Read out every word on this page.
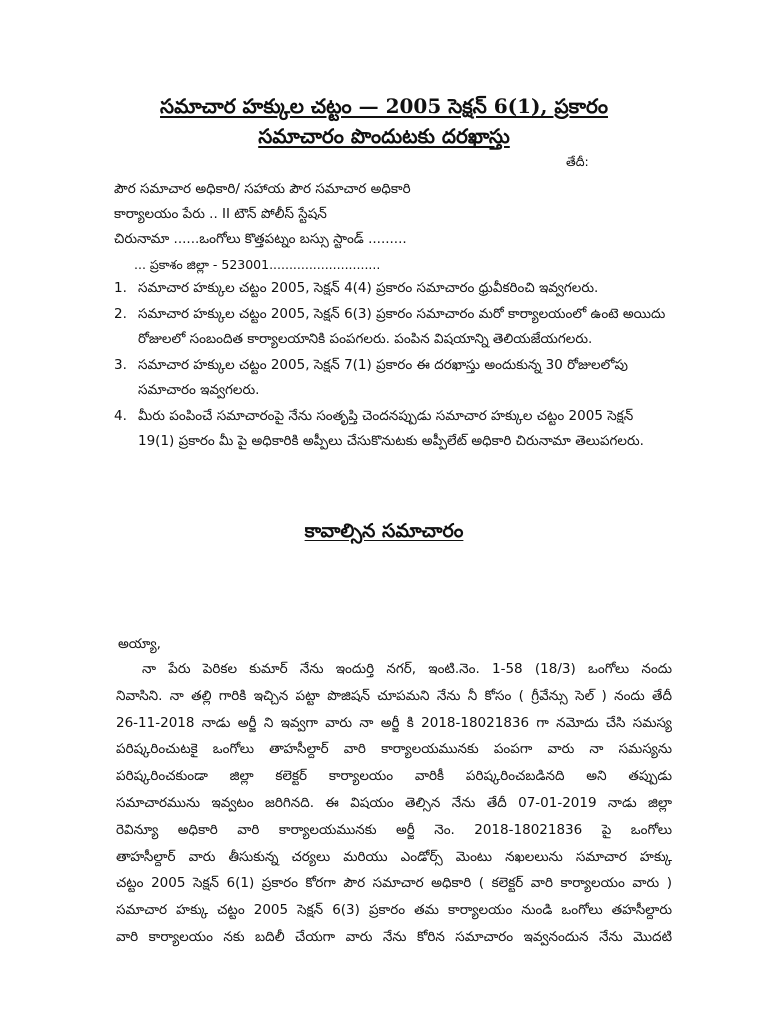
సమాచార హక్కుల చట్టం — 2005 సెక్షన్ 6(1), ప్రకారం
సమాచారం పొందుటకు దరఖాస్తు
తేదీ:
పౌర సమాచార అధికారి/ సహాయ పౌర సమాచార అధికారి
కార్యాలయం పేరు .. II టౌన్ పోలీస్ స్టేషన్
చిరునామా ......ఒంగోలు కొత్తపట్నం బస్సు స్టాండ్ .........
... ప్రకాశం జిల్లా - 523001............................
1. సమాచార హక్కుల చట్టం 2005, సెక్షన్ 4(4) ప్రకారం సమాచారం ధ్రువీకరించి ఇవ్వగలరు.
2. సమాచార హక్కుల చట్టం 2005, సెక్షన్ 6(3) ప్రకారం సమాచారం మరో కార్యాలయంలో ఉంటె అయిదు రోజులలో సంబందిత కార్యాలయానికి పంపగలరు. పంపిన విషయాన్ని తెలియజేయగలరు.
3. సమాచార హక్కుల చట్టం 2005, సెక్షన్ 7(1) ప్రకారం ఈ దరఖాస్తు అందుకున్న 30 రోజులలోపు సమాచారం ఇవ్వగలరు.
4. మీరు పంపించే సమాచారంపై నేను సంతృప్తి చెందనప్పుడు సమాచార హక్కుల చట్టం 2005 సెక్షన్ 19(1) ప్రకారం మీ పై అధికారికి అప్పీలు చేసుకొనుటకు అప్పీలేట్ అధికారి చిరునామా తెలుపగలరు.
కావాల్సిన సమాచారం
అయ్యా,
నా పేరు పెరికల కుమార్ నేను ఇందుర్తి నగర్, ఇంటి.నెం. 1-58 (18/3) ఒంగోలు నందు
నివాసిని. నా తల్లి గారికి ఇచ్చిన పట్టా పొజిషన్ చూపమని నేను నీ కోసం ( గ్రీవేన్సు సెల్ ) నందు తేదీ
26-11-2018 నాడు అర్జీ ని ఇవ్వగా వారు నా అర్జీ కి 2018-18021836 గా నమోదు చేసి సమస్య
పరిష్కరించుటకై ఒంగోలు తాహసీల్దార్ వారి కార్యాలయమునకు పంపగా వారు నా సమస్యను
పరిష్కరించకుండా జిల్లా కలెక్టర్ కార్యాలయం వారికీ పరిష్కరించబడినది అని తప్పుడు
సమాచారమును ఇవ్వటం జరిగినది. ఈ విషయం తెల్సిన నేను తేదీ 07-01-2019 నాడు జిల్లా
రెవిన్యూ అధికారి వారి కార్యాలయమునకు అర్జీ నెం. 2018-18021836 పై ఒంగోలు
తాహసీల్దార్ వారు తీసుకున్న చర్యలు మరియు ఎండోర్స్ మెంటు నఖలలును సమాచార హక్కు
చట్టం 2005 సెక్షన్ 6(1) ప్రకారం కోరగా పౌర సమాచార అధికారి ( కలెక్టర్ వారి కార్యాలయం వారు )
సమాచార హక్కు చట్టం 2005 సెక్షన్ 6(3) ప్రకారం తమ కార్యాలయం నుండి ఒంగోలు తహసీల్దారు
వారి కార్యాలయం నకు బదిలీ చేయగా వారు నేను కోరిన సమాచారం ఇవ్వనందున నేను మొదటి
